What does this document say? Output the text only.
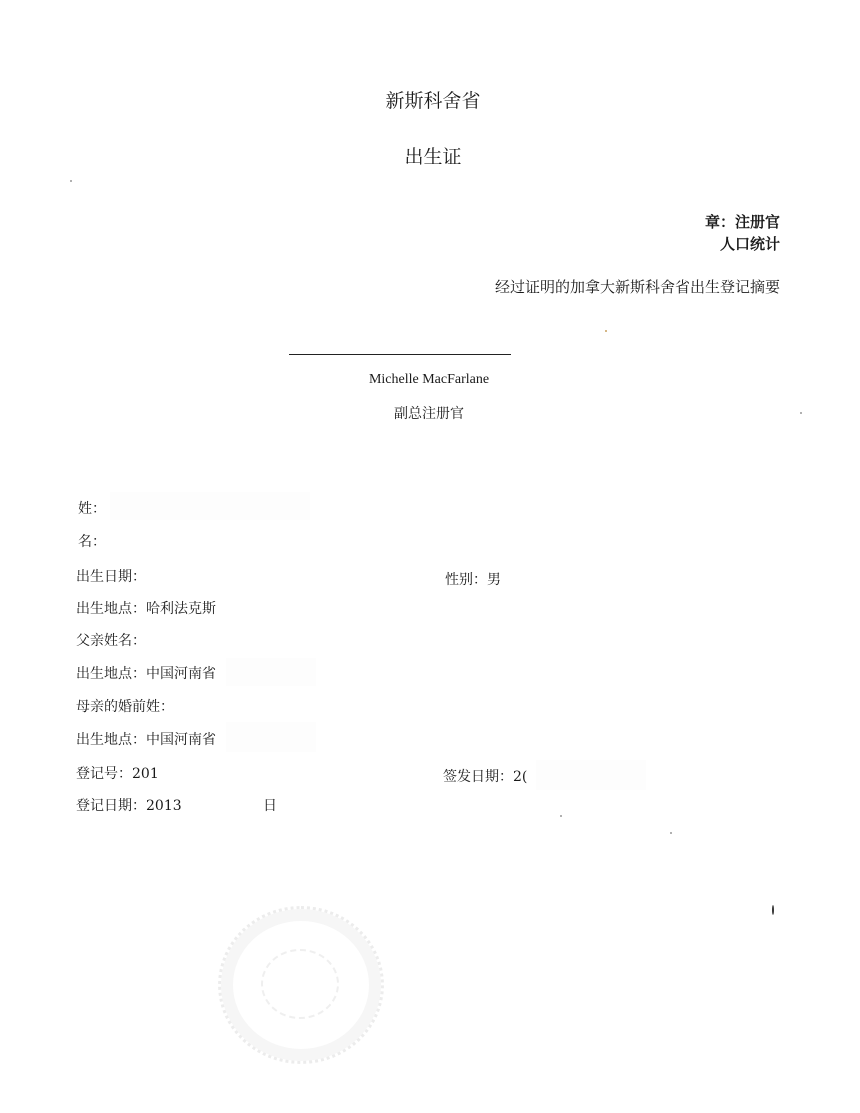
新斯科舍省
出生证
章：注册官
人口统计
经过证明的加拿大新斯科舍省出生登记摘要
Michelle MacFarlane
副总注册官
姓：
名：
出生日期：	性别：男
出生地点：哈利法克斯
父亲姓名：
出生地点：中国河南省
母亲的婚前姓：
出生地点：中国河南省
登记号：201	签发日期：2(
登记日期：2013	日
